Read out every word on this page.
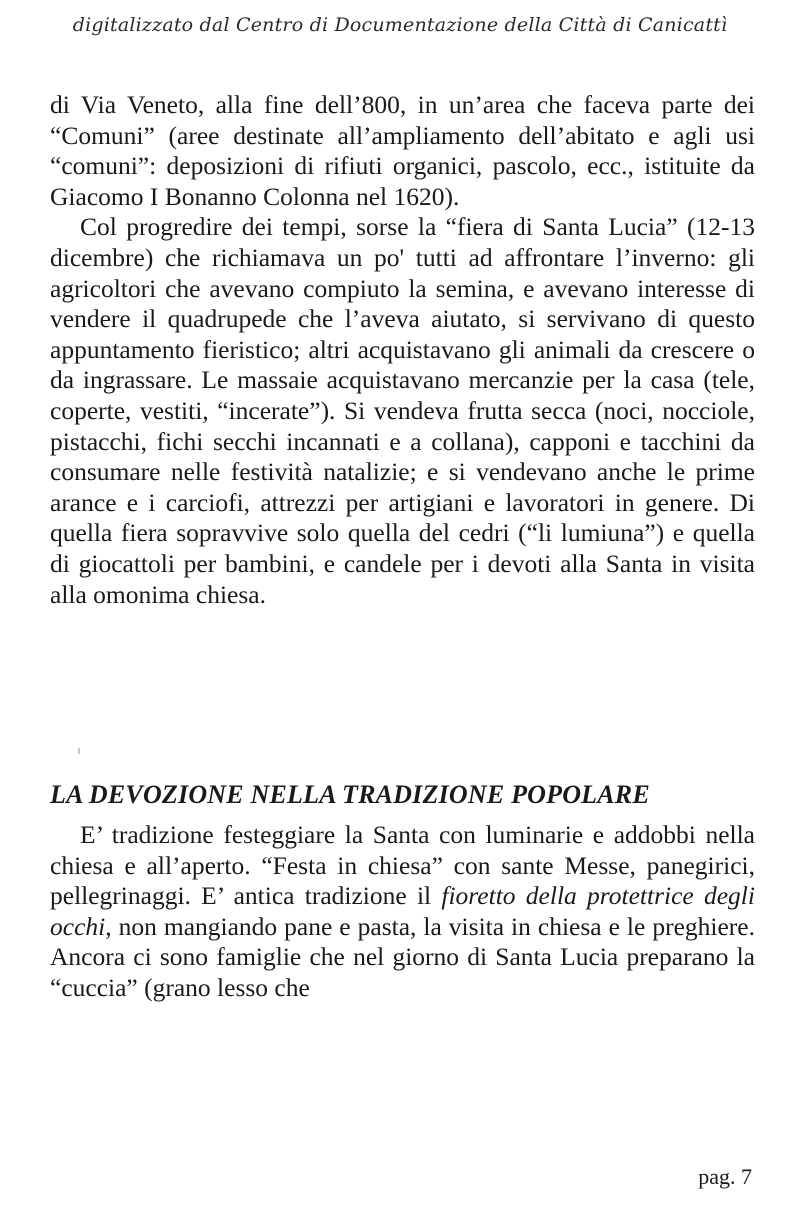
digitalizzato dal Centro di Documentazione della Città di Canicattì

di Via Veneto, alla fine dell’800, in un’area che faceva parte dei “Comuni” (aree destinate all’ampliamento dell’abitato e agli usi “comuni”: deposizioni di rifiuti organici, pascolo, ecc., istituite da Giacomo I Bonanno Colonna nel 1620).

Col progredire dei tempi, sorse la “fiera di Santa Lucia” (12-13 dicembre) che richiamava un po' tutti ad affrontare l’inverno: gli agricoltori che avevano compiuto la semina, e avevano interesse di vendere il quadrupede che l’aveva aiutato, si servivano di questo appuntamento fieristico; altri acquistavano gli animali da crescere o da ingrassare. Le massaie acquistavano mercanzie per la casa (tele, coperte, vestiti, “incerate”). Si vendeva frutta secca (noci, nocciole, pistacchi, fichi secchi incannati e a collana), capponi e tacchini da consumare nelle festività natalizie; e si vendevano anche le prime arance e i carciofi, attrezzi per artigiani e lavoratori in genere. Di quella fiera sopravvive solo quella del cedri (“li lumiuna”) e quella di giocattoli per bambini, e candele per i devoti alla Santa in visita alla omonima chiesa.

LA DEVOZIONE NELLA TRADIZIONE POPOLARE

E’ tradizione festeggiare la Santa con luminarie e addobbi nella chiesa e all’aperto. “Festa in chiesa” con sante Messe, panegirici, pellegrinaggi. E’ antica tradizione il fioretto della protettrice degli occhi, non mangiando pane e pasta, la visita in chiesa e le preghiere. Ancora ci sono famiglie che nel giorno di Santa Lucia preparano la “cuccia” (grano lesso che

pag. 7
